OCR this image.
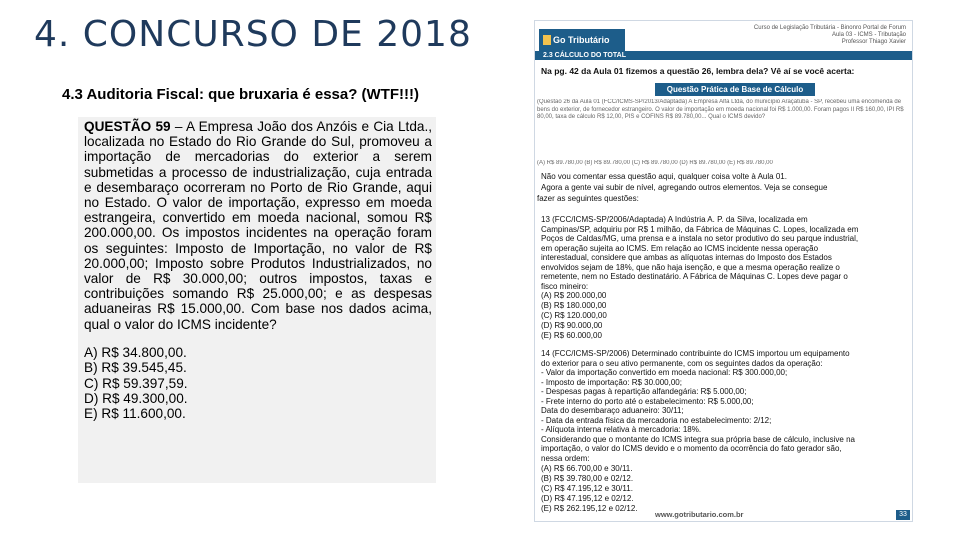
4. CONCURSO DE 2018
4.3 Auditoria Fiscal: que bruxaria é essa? (WTF!!!)

QUESTÃO 59 – A Empresa João dos Anzóis e Cia Ltda., localizada no Estado do Rio Grande do Sul, promoveu a importação de mercadorias do exterior a serem submetidas a processo de industrialização, cuja entrada e desembaraço ocorreram no Porto de Rio Grande, aqui no Estado. O valor de importação, expresso em moeda estrangeira, convertido em moeda nacional, somou R$ 200.000,00. Os impostos incidentes na operação foram os seguintes: Imposto de Importação, no valor de R$ 20.000,00; Imposto sobre Produtos Industrializados, no valor de R$ 30.000,00; outros impostos, taxas e contribuições somando R$ 25.000,00; e as despesas aduaneiras R$ 15.000,00. Com base nos dados acima, qual o valor do ICMS incidente?

A) R$ 34.800,00.
B) R$ 39.545,45.
C) R$ 59.397,59.
D) R$ 49.300,00.
E) R$ 11.600,00.
Go Tributário
Curso de Legislação Tributária - Binonro Portal de Forum
Aula 03 - ICMS - Tributação
Professor Thiago Xavier
2.3 CÁLCULO DO TOTAL
Na pg. 42 da Aula 01 fizemos a questão 26, lembra dela? Vê aí se você acerta:
Questão Prática de Base de Cálculo
(Questão 26 da Aula 01 (FCC/ICMS-SP/2013/Adaptada) A Empresa Alfa Ltda, do município Araçatuba - SP, recebeu uma encomenda de bens do exterior, de fornecedor estrangeiro. O valor de importação em moeda nacional foi R$ 1.000,00. Foram pagos II R$ 160,00, IPI R$ 80,00, taxa de cálculo R$ 12,00, PIS e COFINS R$ 89.780,00... Qual o ICMS devido?
(A) R$ 89.780,00 (B) R$ 89.780,00 (C) R$ 89.780,00 (D) R$ 89.780,00 (E) R$ 89.780,00
Não vou comentar essa questão aqui, qualquer coisa volte à Aula 01.
Agora a gente vai subir de nível, agregando outros elementos. Veja se consegue
fazer as seguintes questões:
13 (FCC/ICMS-SP/2006/Adaptada) A Indústria A. P. da Silva, localizada em
Campinas/SP, adquiriu por R$ 1 milhão, da Fábrica de Máquinas C. Lopes, localizada em
Poços de Caldas/MG, uma prensa e a instala no setor produtivo do seu parque industrial,
em operação sujeita ao ICMS. Em relação ao ICMS incidente nessa operação
interestadual, considere que ambas as alíquotas internas do Imposto dos Estados
envolvidos sejam de 18%, que não haja isenção, e que a mesma operação realize o
remetente, nem no Estado destinatário. A Fábrica de Máquinas C. Lopes deve pagar o
fisco mineiro:
(A) R$ 200.000,00
(B) R$ 180.000,00
(C) R$ 120.000,00
(D) R$ 90.000,00
(E) R$ 60.000,00
14 (FCC/ICMS-SP/2006) Determinado contribuinte do ICMS importou um equipamento
do exterior para o seu ativo permanente, com os seguintes dados da operação:
- Valor da importação convertido em moeda nacional: R$ 300.000,00;
- Imposto de importação: R$ 30.000,00;
- Despesas pagas à repartição alfandegária: R$ 5.000,00;
- Frete interno do porto até o estabelecimento: R$ 5.000,00;
Data do desembaraço aduaneiro: 30/11;
- Data da entrada física da mercadoria no estabelecimento: 2/12;
- Alíquota interna relativa à mercadoria: 18%.
Considerando que o montante do ICMS integra sua própria base de cálculo, inclusive na
importação, o valor do ICMS devido e o momento da ocorrência do fato gerador são,
nessa ordem:
(A) R$ 66.700,00 e 30/11.
(B) R$ 39.780,00 e 02/12.
(C) R$ 47.195,12 e 30/11.
(D) R$ 47.195,12 e 02/12.
(E) R$ 262.195,12 e 02/12.
www.gotributario.com.br	33
